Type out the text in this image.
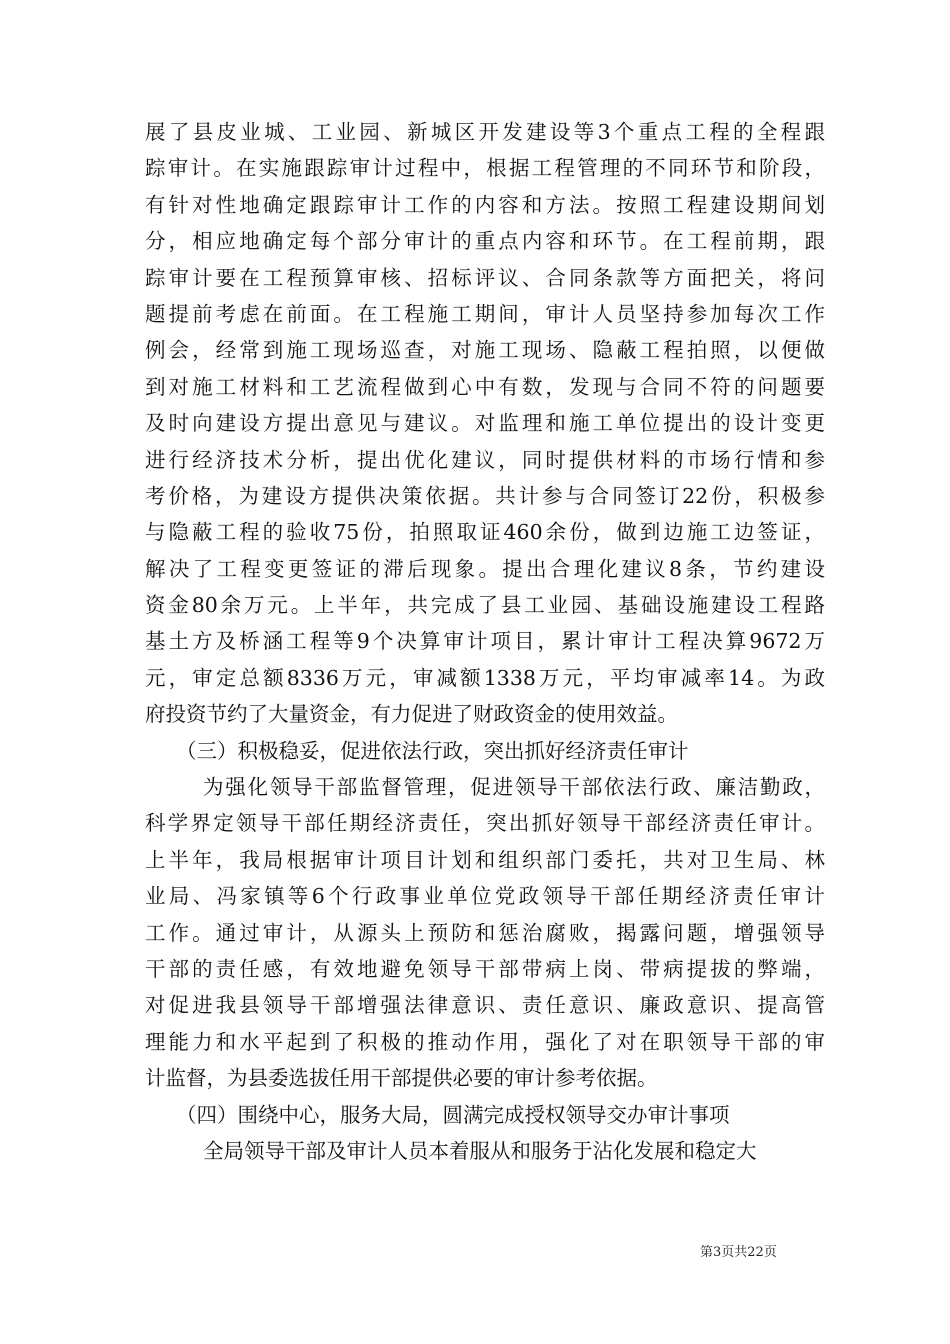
展了县皮业城、工业园、新城区开发建设等3个重点工程的全程跟
踪审计。在实施跟踪审计过程中，根据工程管理的不同环节和阶段，
有针对性地确定跟踪审计工作的内容和方法。按照工程建设期间划
分，相应地确定每个部分审计的重点内容和环节。在工程前期，跟
踪审计要在工程预算审核、招标评议、合同条款等方面把关，将问
题提前考虑在前面。在工程施工期间，审计人员坚持参加每次工作
例会，经常到施工现场巡查，对施工现场、隐蔽工程拍照，以便做
到对施工材料和工艺流程做到心中有数，发现与合同不符的问题要
及时向建设方提出意见与建议。对监理和施工单位提出的设计变更
进行经济技术分析，提出优化建议，同时提供材料的市场行情和参
考价格，为建设方提供决策依据。共计参与合同签订22份，积极参
与隐蔽工程的验收75份，拍照取证460余份，做到边施工边签证，
解决了工程变更签证的滞后现象。提出合理化建议8条，节约建设
资金80余万元。上半年，共完成了县工业园、基础设施建设工程路
基土方及桥涵工程等9个决算审计项目，累计审计工程决算9672万
元，审定总额8336万元，审减额1338万元，平均审减率14。为政
府投资节约了大量资金，有力促进了财政资金的使用效益。
（三）积极稳妥，促进依法行政，突出抓好经济责任审计
为强化领导干部监督管理，促进领导干部依法行政、廉洁勤政，
科学界定领导干部任期经济责任，突出抓好领导干部经济责任审计。
上半年，我局根据审计项目计划和组织部门委托，共对卫生局、林
业局、冯家镇等6个行政事业单位党政领导干部任期经济责任审计
工作。通过审计，从源头上预防和惩治腐败，揭露问题，增强领导
干部的责任感，有效地避免领导干部带病上岗、带病提拔的弊端，
对促进我县领导干部增强法律意识、责任意识、廉政意识、提高管
理能力和水平起到了积极的推动作用，强化了对在职领导干部的审
计监督，为县委选拔任用干部提供必要的审计参考依据。
（四）围绕中心，服务大局，圆满完成授权领导交办审计事项
全局领导干部及审计人员本着服从和服务于沾化发展和稳定大
第3页共22页
